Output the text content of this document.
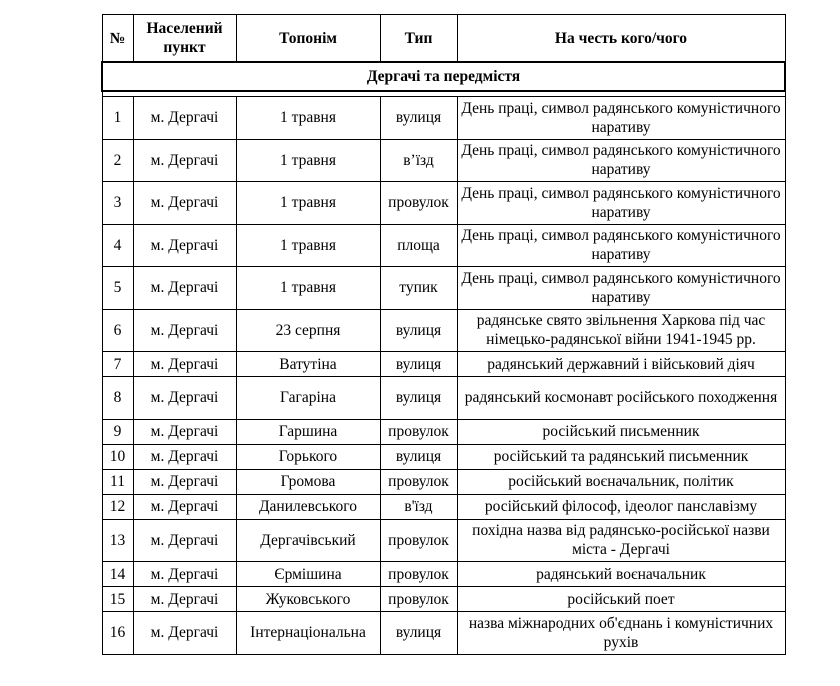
№	Населений пункт	Топонім	Тип	На честь кого/чого
Дергачі та передмістя				

1	м. Дергачі	1 травня	вулиця	День праці, символ радянського комуністичного наративу
2	м. Дергачі	1 травня	в’їзд	День праці, символ радянського комуністичного наративу
3	м. Дергачі	1 травня	провулок	День праці, символ радянського комуністичного наративу
4	м. Дергачі	1 травня	площа	День праці, символ радянського комуністичного наративу
5	м. Дергачі	1 травня	тупик	День праці, символ радянського комуністичного наративу
6	м. Дергачі	23 серпня	вулиця	радянське свято звільнення Харкова під час німецько-радянської війни 1941-1945 рр.
7	м. Дергачі	Ватутіна	вулиця	радянський державний і військовий діяч
8	м. Дергачі	Гагаріна	вулиця	радянський космонавт російського походження
9	м. Дергачі	Гаршина	провулок	російський письменник
10	м. Дергачі	Горького	вулиця	російський та радянський письменник
11	м. Дергачі	Громова	провулок	російський воєначальник, політик
12	м. Дергачі	Данилевського	в'їзд	російський філософ, ідеолог панславізму
13	м. Дергачі	Дергачівський	провулок	похідна назва від радянсько-російської назви міста - Дергачі
14	м. Дергачі	Єрмішина	провулок	радянський воєначальник
15	м. Дергачі	Жуковського	провулок	російський поет
16	м. Дергачі	Інтернаціональна	вулиця	назва міжнародних об'єднань і комуністичних рухів
